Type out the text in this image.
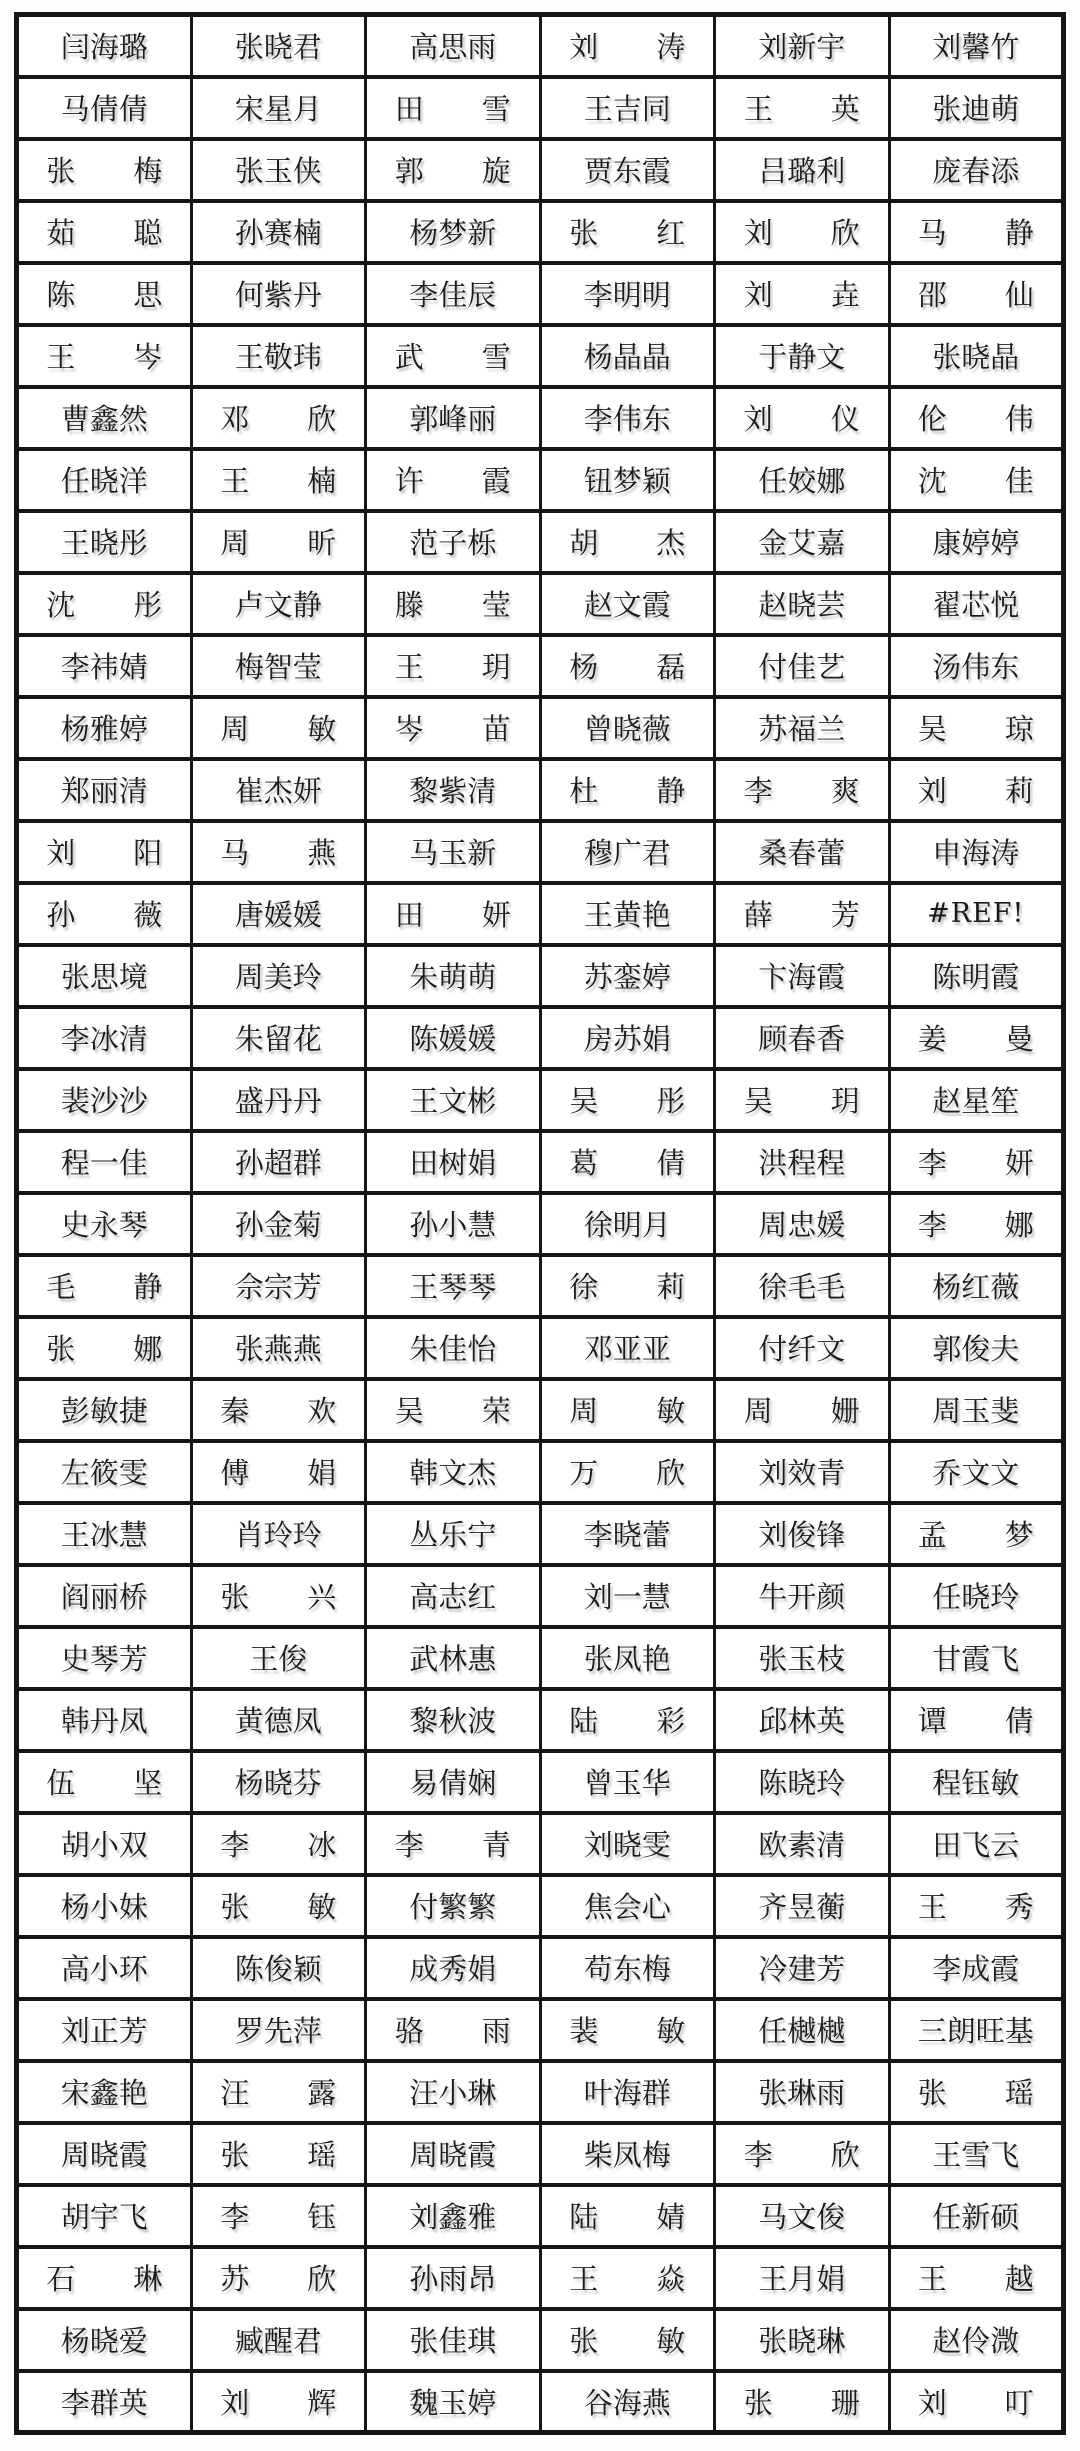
闫海璐	张晓君	高思雨	刘　　涛	刘新宇	刘馨竹
马倩倩	宋星月	田　　雪	王吉同	王　　英	张迪萌
张　　梅	张玉侠	郭　　旋	贾东霞	吕璐利	庞春添
茹　　聪	孙赛楠	杨梦新	张　　红	刘　　欣	马　　静
陈　　思	何紫丹	李佳辰	李明明	刘　　垚	邵　　仙
王　　岑	王敬玮	武　　雪	杨晶晶	于静文	张晓晶
曹鑫然	邓　　欣	郭峰丽	李伟东	刘　　仪	伦　　伟
任晓洋	王　　楠	许　　霞	钮梦颖	任姣娜	沈　　佳
王晓彤	周　　昕	范子栎	胡　　杰	金艾嘉	康婷婷
沈　　彤	卢文静	滕　　莹	赵文霞	赵晓芸	翟芯悦
李祎婧	梅智莹	王　　玥	杨　　磊	付佳艺	汤伟东
杨雅婷	周　　敏	岑　　苗	曾晓薇	苏福兰	吴　　琼
郑丽清	崔杰妍	黎紫清	杜　　静	李　　爽	刘　　莉
刘　　阳	马　　燕	马玉新	穆广君	桑春蕾	申海涛
孙　　薇	唐媛媛	田　　妍	王黄艳	薛　　芳	#REF!
张思境	周美玲	朱萌萌	苏銮婷	卞海霞	陈明霞
李冰清	朱留花	陈媛媛	房苏娟	顾春香	姜　　曼
裴沙沙	盛丹丹	王文彬	吴　　彤	吴　　玥	赵星笙
程一佳	孙超群	田树娟	葛　　倩	洪程程	李　　妍
史永琴	孙金菊	孙小慧	徐明月	周忠媛	李　　娜
毛　　静	佘宗芳	王琴琴	徐　　莉	徐毛毛	杨红薇
张　　娜	张燕燕	朱佳怡	邓亚亚	付纤文	郭俊夫
彭敏捷	秦　　欢	吴　　荣	周　　敏	周　　姗	周玉斐
左筱雯	傅　　娟	韩文杰	万　　欣	刘效青	乔文文
王冰慧	肖玲玲	丛乐宁	李晓蕾	刘俊锋	孟　　梦
阎丽桥	张　　兴	高志红	刘一慧	牛开颜	任晓玲
史琴芳	王俊	武林惠	张凤艳	张玉枝	甘霞飞
韩丹凤	黄德凤	黎秋波	陆　　彩	邱林英	谭　　倩
伍　　坚	杨晓芬	易倩娴	曾玉华	陈晓玲	程钰敏
胡小双	李　　冰	李　　青	刘晓雯	欧素清	田飞云
杨小妹	张　　敏	付繁繁	焦会心	齐昱蘅	王　　秀
高小环	陈俊颖	成秀娟	苟东梅	冷建芳	李成霞
刘正芳	罗先萍	骆　　雨	裴　　敏	任樾樾	三朗旺基
宋鑫艳	汪　　露	汪小琳	叶海群	张琳雨	张　　瑶
周晓霞	张　　瑶	周晓霞	柴凤梅	李　　欣	王雪飞
胡宇飞	李　　钰	刘鑫雅	陆　　婧	马文俊	任新硕
石　　琳	苏　　欣	孙雨昂	王　　焱	王月娟	王　　越
杨晓爱	臧醒君	张佳琪	张　　敏	张晓琳	赵伶溦
李群英	刘　　辉	魏玉婷	谷海燕	张　　珊	刘　　叮
